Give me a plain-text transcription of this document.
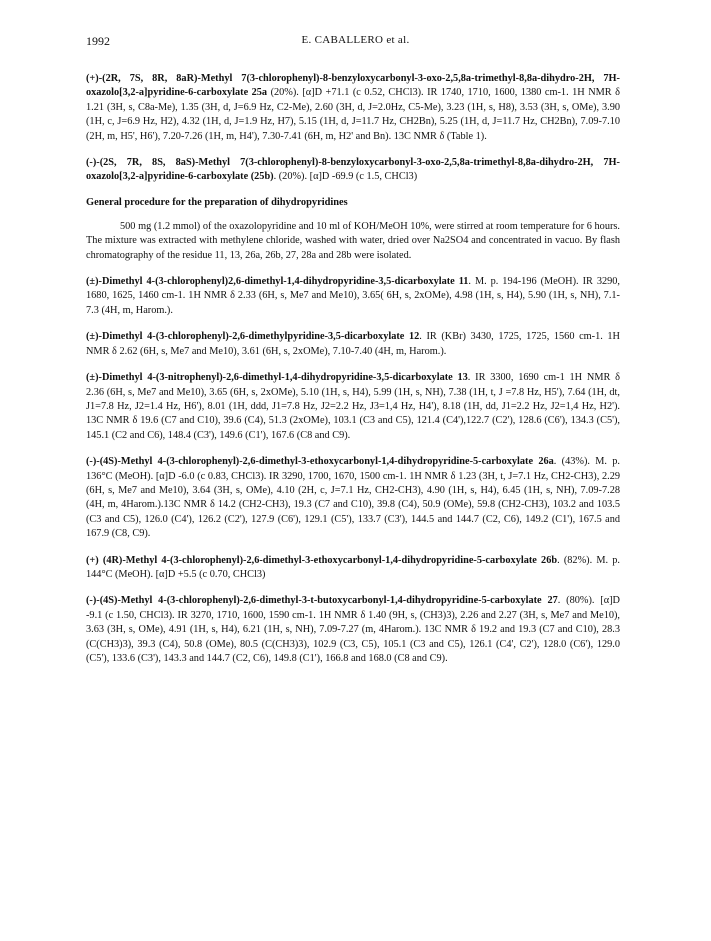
1992	E. CABALLERO et al.

(+)-(2R, 7S, 8R, 8aR)-Methyl 7(3-chlorophenyl)-8-benzyloxycarbonyl-3-oxo-2,5,8a-trimethyl-8,8a-dihydro-2H, 7H-oxazolo[3,2-a]pyridine-6-carboxylate 25a (20%). [α]D +71.1 (c 0.52, CHCl3). IR 1740, 1710, 1600, 1380 cm-1. 1H NMR δ 1.21 (3H, s, C8a-Me), 1.35 (3H, d, J=6.9 Hz, C2-Me), 2.60 (3H, d, J=2.0Hz, C5-Me), 3.23 (1H, s, H8), 3.53 (3H, s, OMe), 3.90 (1H, c, J=6.9 Hz, H2), 4.32 (1H, d, J=1.9 Hz, H7), 5.15 (1H, d, J=11.7 Hz, CH2Bn), 5.25 (1H, d, J=11.7 Hz, CH2Bn), 7.09-7.10 (2H, m, H5', H6'), 7.20-7.26 (1H, m, H4'), 7.30-7.41 (6H, m, H2' and Bn). 13C NMR δ (Table 1).

(-)-(2S, 7R, 8S, 8aS)-Methyl 7(3-chlorophenyl)-8-benzyloxycarbonyl-3-oxo-2,5,8a-trimethyl-8,8a-dihydro-2H, 7H-oxazolo[3,2-a]pyridine-6-carboxylate (25b). (20%). [α]D -69.9 (c 1.5, CHCl3)

General procedure for the preparation of dihydropyridines

500 mg (1.2 mmol) of the oxazolopyridine and 10 ml of KOH/MeOH 10%, were stirred at room temperature for 6 hours. The mixture was extracted with methylene chloride, washed with water, dried over Na2SO4 and concentrated in vacuo. By flash chromatography of the residue 11, 13, 26a, 26b, 27, 28a and 28b were isolated.

(±)-Dimethyl 4-(3-chlorophenyl)2,6-dimethyl-1,4-dihydropyridine-3,5-dicarboxylate 11. M. p. 194-196 (MeOH). IR 3290, 1680, 1625, 1460 cm-1. 1H NMR δ 2.33 (6H, s, Me7 and Me10), 3.65( 6H, s, 2xOMe), 4.98 (1H, s, H4), 5.90 (1H, s, NH), 7.1-7.3 (4H, m, Harom.).

(±)-Dimethyl 4-(3-chlorophenyl)-2,6-dimethylpyridine-3,5-dicarboxylate 12. IR (KBr) 3430, 1725, 1725, 1560 cm-1. 1H NMR δ 2.62 (6H, s, Me7 and Me10), 3.61 (6H, s, 2xOMe), 7.10-7.40 (4H, m, Harom.).

(±)-Dimethyl 4-(3-nitrophenyl)-2,6-dimethyl-1,4-dihydropyridine-3,5-dicarboxylate 13. IR 3300, 1690 cm-1 1H NMR δ 2.36 (6H, s, Me7 and Me10), 3.65 (6H, s, 2xOMe), 5.10 (1H, s, H4), 5.99 (1H, s, NH), 7.38 (1H, t, J =7.8 Hz, H5'), 7.64 (1H, dt, J1=7.8 Hz, J2=1.4 Hz, H6'), 8.01 (1H, ddd, J1=7.8 Hz, J2=2.2 Hz, J3=1,4 Hz, H4'), 8.18 (1H, dd, J1=2.2 Hz, J2=1,4 Hz, H2'). 13C NMR δ 19.6 (C7 and C10), 39.6 (C4), 51.3 (2xOMe), 103.1 (C3 and C5), 121.4 (C4'),122.7 (C2'), 128.6 (C6'), 134.3 (C5'), 145.1 (C2 and C6), 148.4 (C3'), 149.6 (C1'), 167.6 (C8 and C9).

(-)-(4S)-Methyl 4-(3-chlorophenyl)-2,6-dimethyl-3-ethoxycarbonyl-1,4-dihydropyridine-5-carboxylate 26a. (43%). M. p. 136°C (MeOH). [α]D -6.0 (c 0.83, CHCl3). IR 3290, 1700, 1670, 1500 cm-1. 1H NMR δ 1.23 (3H, t, J=7.1 Hz, CH2-CH3), 2.29 (6H, s, Me7 and Me10), 3.64 (3H, s, OMe), 4.10 (2H, c, J=7.1 Hz, CH2-CH3), 4.90 (1H, s, H4), 6.45 (1H, s, NH), 7.09-7.28 (4H, m, 4Harom.).13C NMR δ 14.2 (CH2-CH3), 19.3 (C7 and C10), 39.8 (C4), 50.9 (OMe), 59.8 (CH2-CH3), 103.2 and 103.5 (C3 and C5), 126.0 (C4'), 126.2 (C2'), 127.9 (C6'), 129.1 (C5'), 133.7 (C3'), 144.5 and 144.7 (C2, C6), 149.2 (C1'), 167.5 and 167.9 (C8, C9).

(+) (4R)-Methyl 4-(3-chlorophenyl)-2,6-dimethyl-3-ethoxycarbonyl-1,4-dihydropyridine-5-carboxylate 26b. (82%). M. p. 144°C (MeOH). [α]D +5.5 (c 0.70, CHCl3)

(-)-(4S)-Methyl 4-(3-chlorophenyl)-2,6-dimethyl-3-t-butoxycarbonyl-1,4-dihydropyridine-5-carboxylate 27. (80%). [α]D -9.1 (c 1.50, CHCl3). IR 3270, 1710, 1600, 1590 cm-1. 1H NMR δ 1.40 (9H, s, (CH3)3), 2.26 and 2.27 (3H, s, Me7 and Me10), 3.63 (3H, s, OMe), 4.91 (1H, s, H4), 6.21 (1H, s, NH), 7.09-7.27 (m, 4Harom.). 13C NMR δ 19.2 and 19.3 (C7 and C10), 28.3 (C(CH3)3), 39.3 (C4), 50.8 (OMe), 80.5 (C(CH3)3), 102.9 (C3, C5), 105.1 (C3 and C5), 126.1 (C4', C2'), 128.0 (C6'), 129.0 (C5'), 133.6 (C3'), 143.3 and 144.7 (C2, C6), 149.8 (C1'), 166.8 and 168.0 (C8 and C9).
